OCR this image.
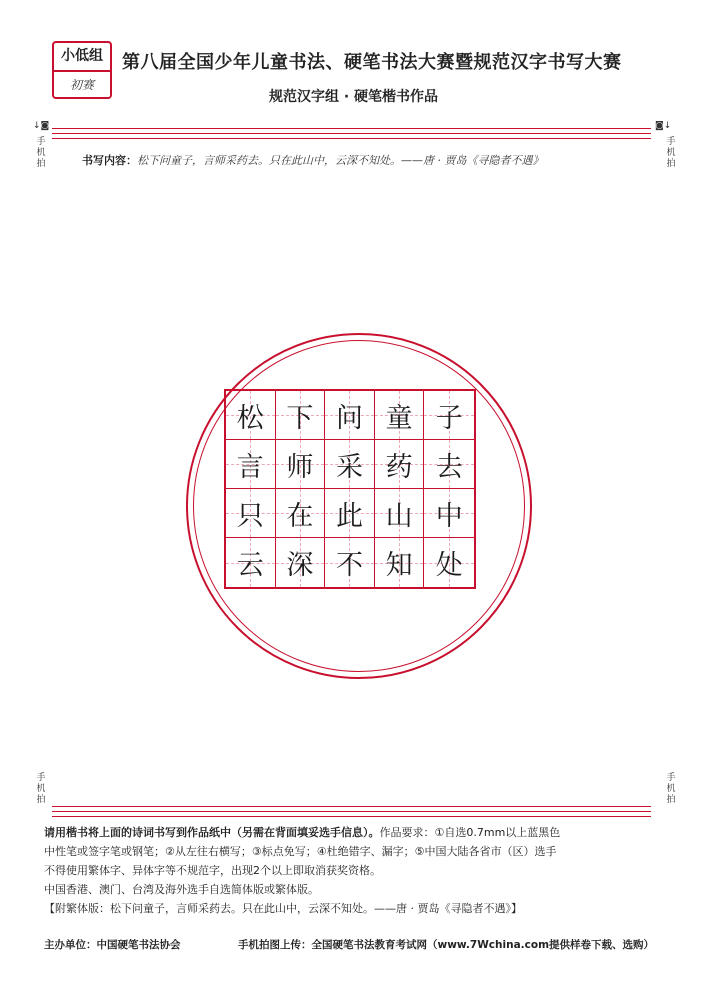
小低组
初赛
第八届全国少年儿童书法、硬笔书法大赛暨规范汉字书写大赛
规范汉字组 · 硬笔楷书作品
↓◙	◙↓
手机拍
手机拍
书写内容：松下问童子，言师采药去。只在此山中，云深不知处。——唐 · 贾岛《寻隐者不遇》
松 下 问 童 子
言 师 采 药 去
只 在 此 山 中
云 深 不 知 处
手机拍
手机拍

请用楷书将上面的诗词书写到作品纸中（另需在背面填妥选手信息）。作品要求：①自选0.7mm以上蓝黑色

中性笔或签字笔或钢笔；②从左往右横写；③标点免写；④杜绝错字、漏字；⑤中国大陆各省市（区）选手

不得使用繁体字、异体字等不规范字，出现2个以上即取消获奖资格。

中国香港、澳门、台湾及海外选手自选简体版或繁体版。

【附繁体版：松下问童子，言师采药去。只在此山中，云深不知处。——唐 · 贾岛《寻隐者不遇》】

主办单位：中国硬笔书法协会	手机拍图上传：全国硬笔书法教育考试网（www.7Wchina.com提供样卷下载、选购）
